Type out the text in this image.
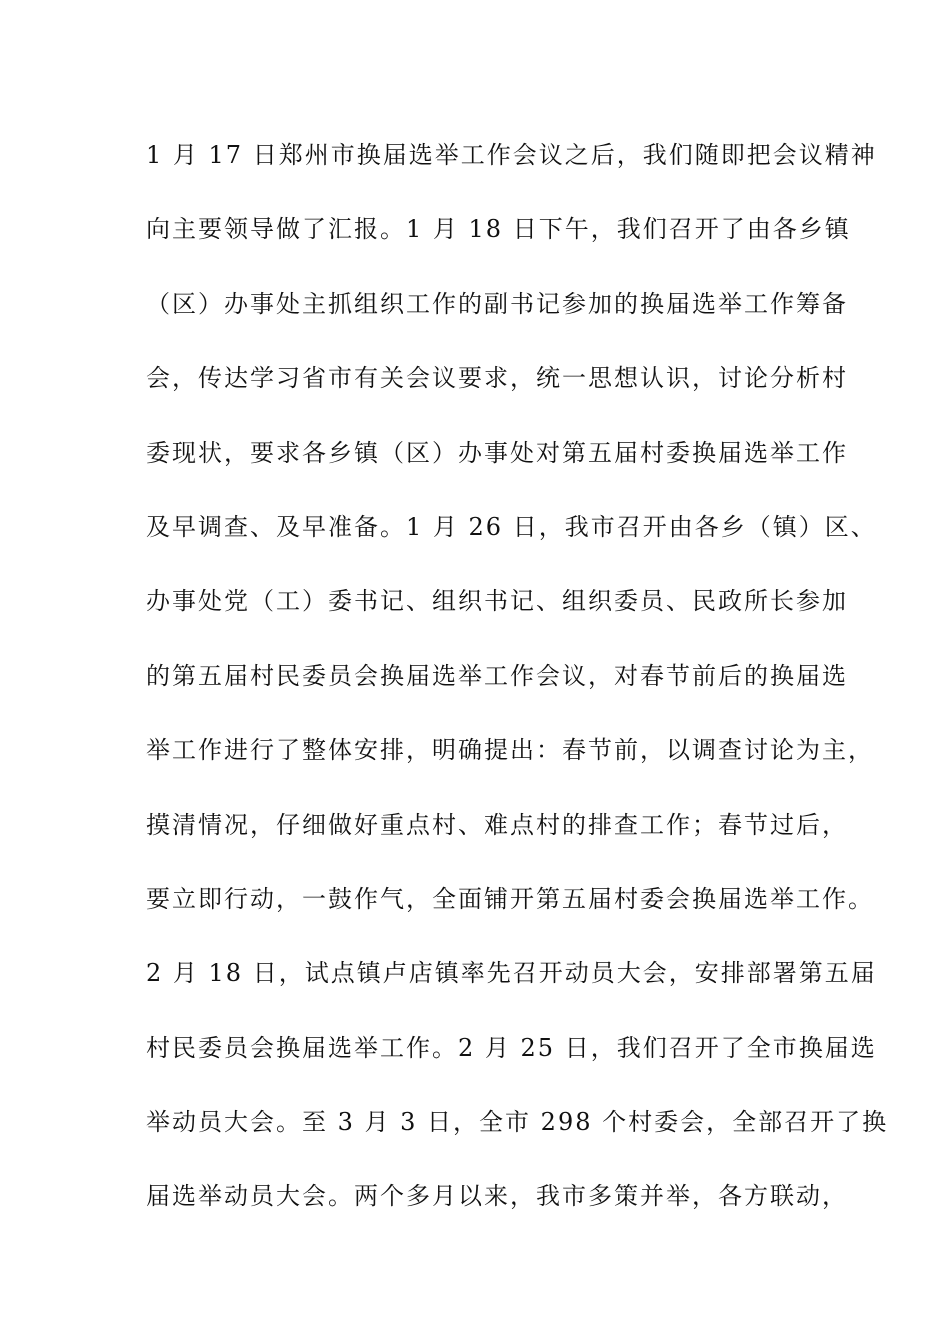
1 月 17 日郑州市换届选举工作会议之后，我们随即把会议精神
向主要领导做了汇报。1 月 18 日下午，我们召开了由各乡镇
（区）办事处主抓组织工作的副书记参加的换届选举工作筹备
会，传达学习省市有关会议要求，统一思想认识，讨论分析村
委现状，要求各乡镇（区）办事处对第五届村委换届选举工作
及早调查、及早准备。1 月 26 日，我市召开由各乡（镇）区、
办事处党（工）委书记、组织书记、组织委员、民政所长参加
的第五届村民委员会换届选举工作会议，对春节前后的换届选
举工作进行了整体安排，明确提出：春节前，以调查讨论为主，
摸清情况，仔细做好重点村、难点村的排查工作；春节过后，
要立即行动，一鼓作气，全面铺开第五届村委会换届选举工作。
2 月 18 日，试点镇卢店镇率先召开动员大会，安排部署第五届
村民委员会换届选举工作。2 月 25 日，我们召开了全市换届选
举动员大会。至 3 月 3 日，全市 298 个村委会，全部召开了换
届选举动员大会。两个多月以来，我市多策并举，各方联动，
